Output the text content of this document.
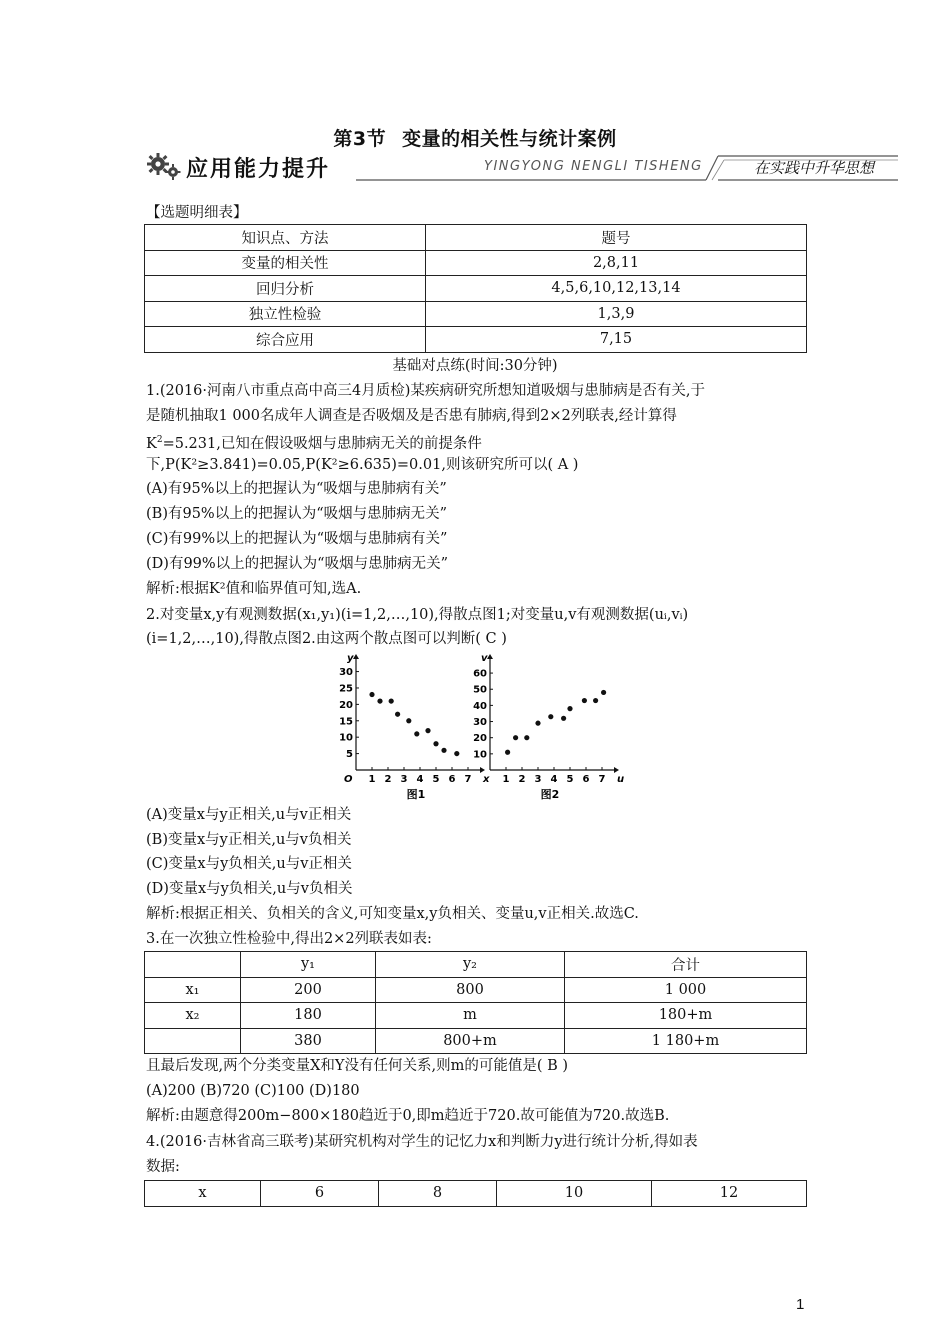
第3节 变量的相关性与统计案例
应用能力提升	YINGYONG NENGLI TISHENG	在实践中升华思想
【选题明细表】
知识点、方法	题号
变量的相关性	2,8,11
回归分析	4,5,6,10,12,13,14
独立性检验	1,3,9
综合应用	7,15
基础对点练(时间:30分钟)
1.(2016·河南八市重点高中高三4月质检)某疾病研究所想知道吸烟与患肺病是否有关,于
是随机抽取1 000名成年人调查是否吸烟及是否患有肺病,得到2×2列联表,经计算得
$K^2=5.231$,已知在假设吸烟与患肺病无关的前提条件
下,P(K²≥3.841)=0.05,P(K²≥6.635)=0.01,则该研究所可以( A )
(A)有95%以上的把握认为“吸烟与患肺病有关”
(B)有95%以上的把握认为“吸烟与患肺病无关”
(C)有99%以上的把握认为“吸烟与患肺病有关”
(D)有99%以上的把握认为“吸烟与患肺病无关”
解析:根据K²值和临界值可知,选A.
2.对变量x,y有观测数据(x₁,y₁)(i=1,2,…,10),得散点图1;对变量u,v有观测数据(uᵢ,vᵢ)
(i=1,2,…,10),得散点图2.由这两个散点图可以判断( C )
1 2 3 4 5 6 7
5
10
15
20
25
30
x
y
O
图1
1 2 3 4 5 6 7
10
20
30
40
50
60
u
v
图2
(A)变量x与y正相关,u与v正相关
(B)变量x与y正相关,u与v负相关
(C)变量x与y负相关,u与v正相关
(D)变量x与y负相关,u与v负相关
解析:根据正相关、负相关的含义,可知变量x,y负相关、变量u,v正相关.故选C.
3.在一次独立性检验中,得出2×2列联表如表:
	y₁	y₂	合计
x₁	200	800	1 000
x₂	180	m	180+m
	380	800+m	1 180+m
且最后发现,两个分类变量X和Y没有任何关系,则m的可能值是( B )
(A)200 (B)720 (C)100 (D)180
解析:由题意得200m−800×180趋近于0,即m趋近于720.故可能值为720.故选B.
4.(2016·吉林省高三联考)某研究机构对学生的记忆力x和判断力y进行统计分析,得如表
数据:
x	6	8	10	12
1
